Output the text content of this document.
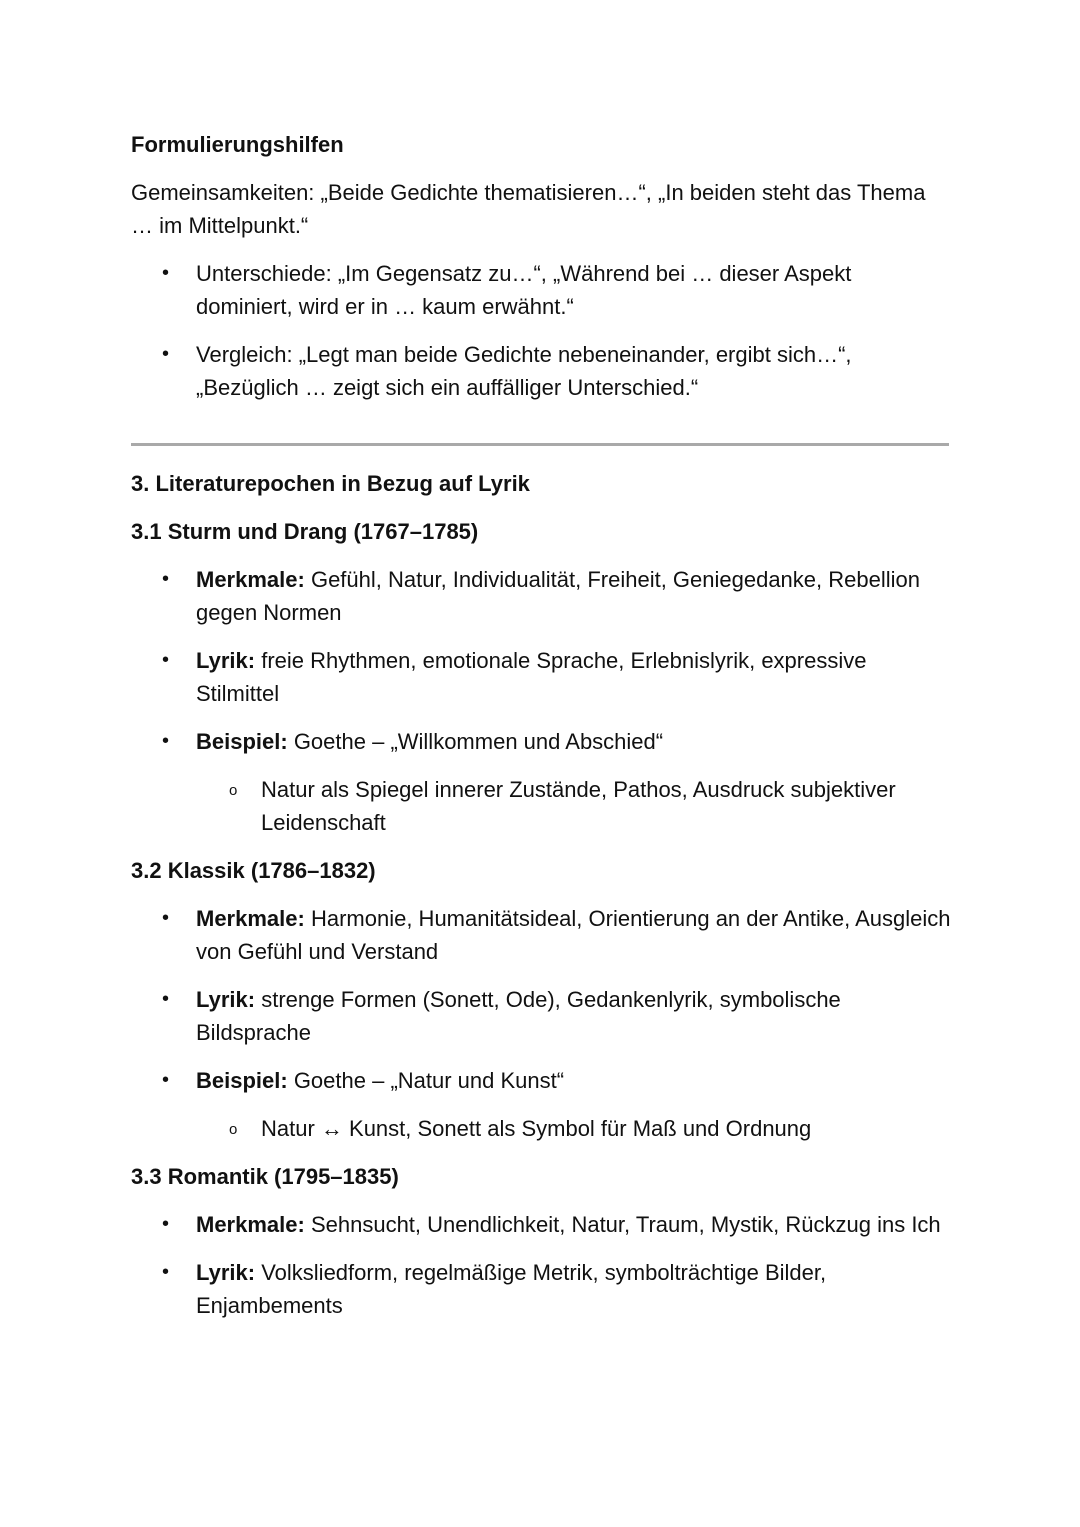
Formulierungshilfen

Gemeinsamkeiten: „Beide Gedichte thematisieren…“, „In beiden steht das Thema … im Mittelpunkt.“

• Unterschiede: „Im Gegensatz zu…“, „Während bei … dieser Aspekt dominiert, wird er in … kaum erwähnt.“
• Vergleich: „Legt man beide Gedichte nebeneinander, ergibt sich…“, „Bezüglich … zeigt sich ein auffälliger Unterschied.“

3. Literaturepochen in Bezug auf Lyrik

3.1 Sturm und Drang (1767–1785)

• Merkmale: Gefühl, Natur, Individualität, Freiheit, Geniegedanke, Rebellion gegen Normen
• Lyrik: freie Rhythmen, emotionale Sprache, Erlebnislyrik, expressive Stilmittel
• Beispiel: Goethe – „Willkommen und Abschied“
o Natur als Spiegel innerer Zustände, Pathos, Ausdruck subjektiver Leidenschaft

3.2 Klassik (1786–1832)

• Merkmale: Harmonie, Humanitätsideal, Orientierung an der Antike, Ausgleich von Gefühl und Verstand
• Lyrik: strenge Formen (Sonett, Ode), Gedankenlyrik, symbolische Bildsprache
• Beispiel: Goethe – „Natur und Kunst“
o Natur ↔ Kunst, Sonett als Symbol für Maß und Ordnung

3.3 Romantik (1795–1835)

• Merkmale: Sehnsucht, Unendlichkeit, Natur, Traum, Mystik, Rückzug ins Ich
• Lyrik: Volksliedform, regelmäßige Metrik, symbolträchtige Bilder, Enjambements
